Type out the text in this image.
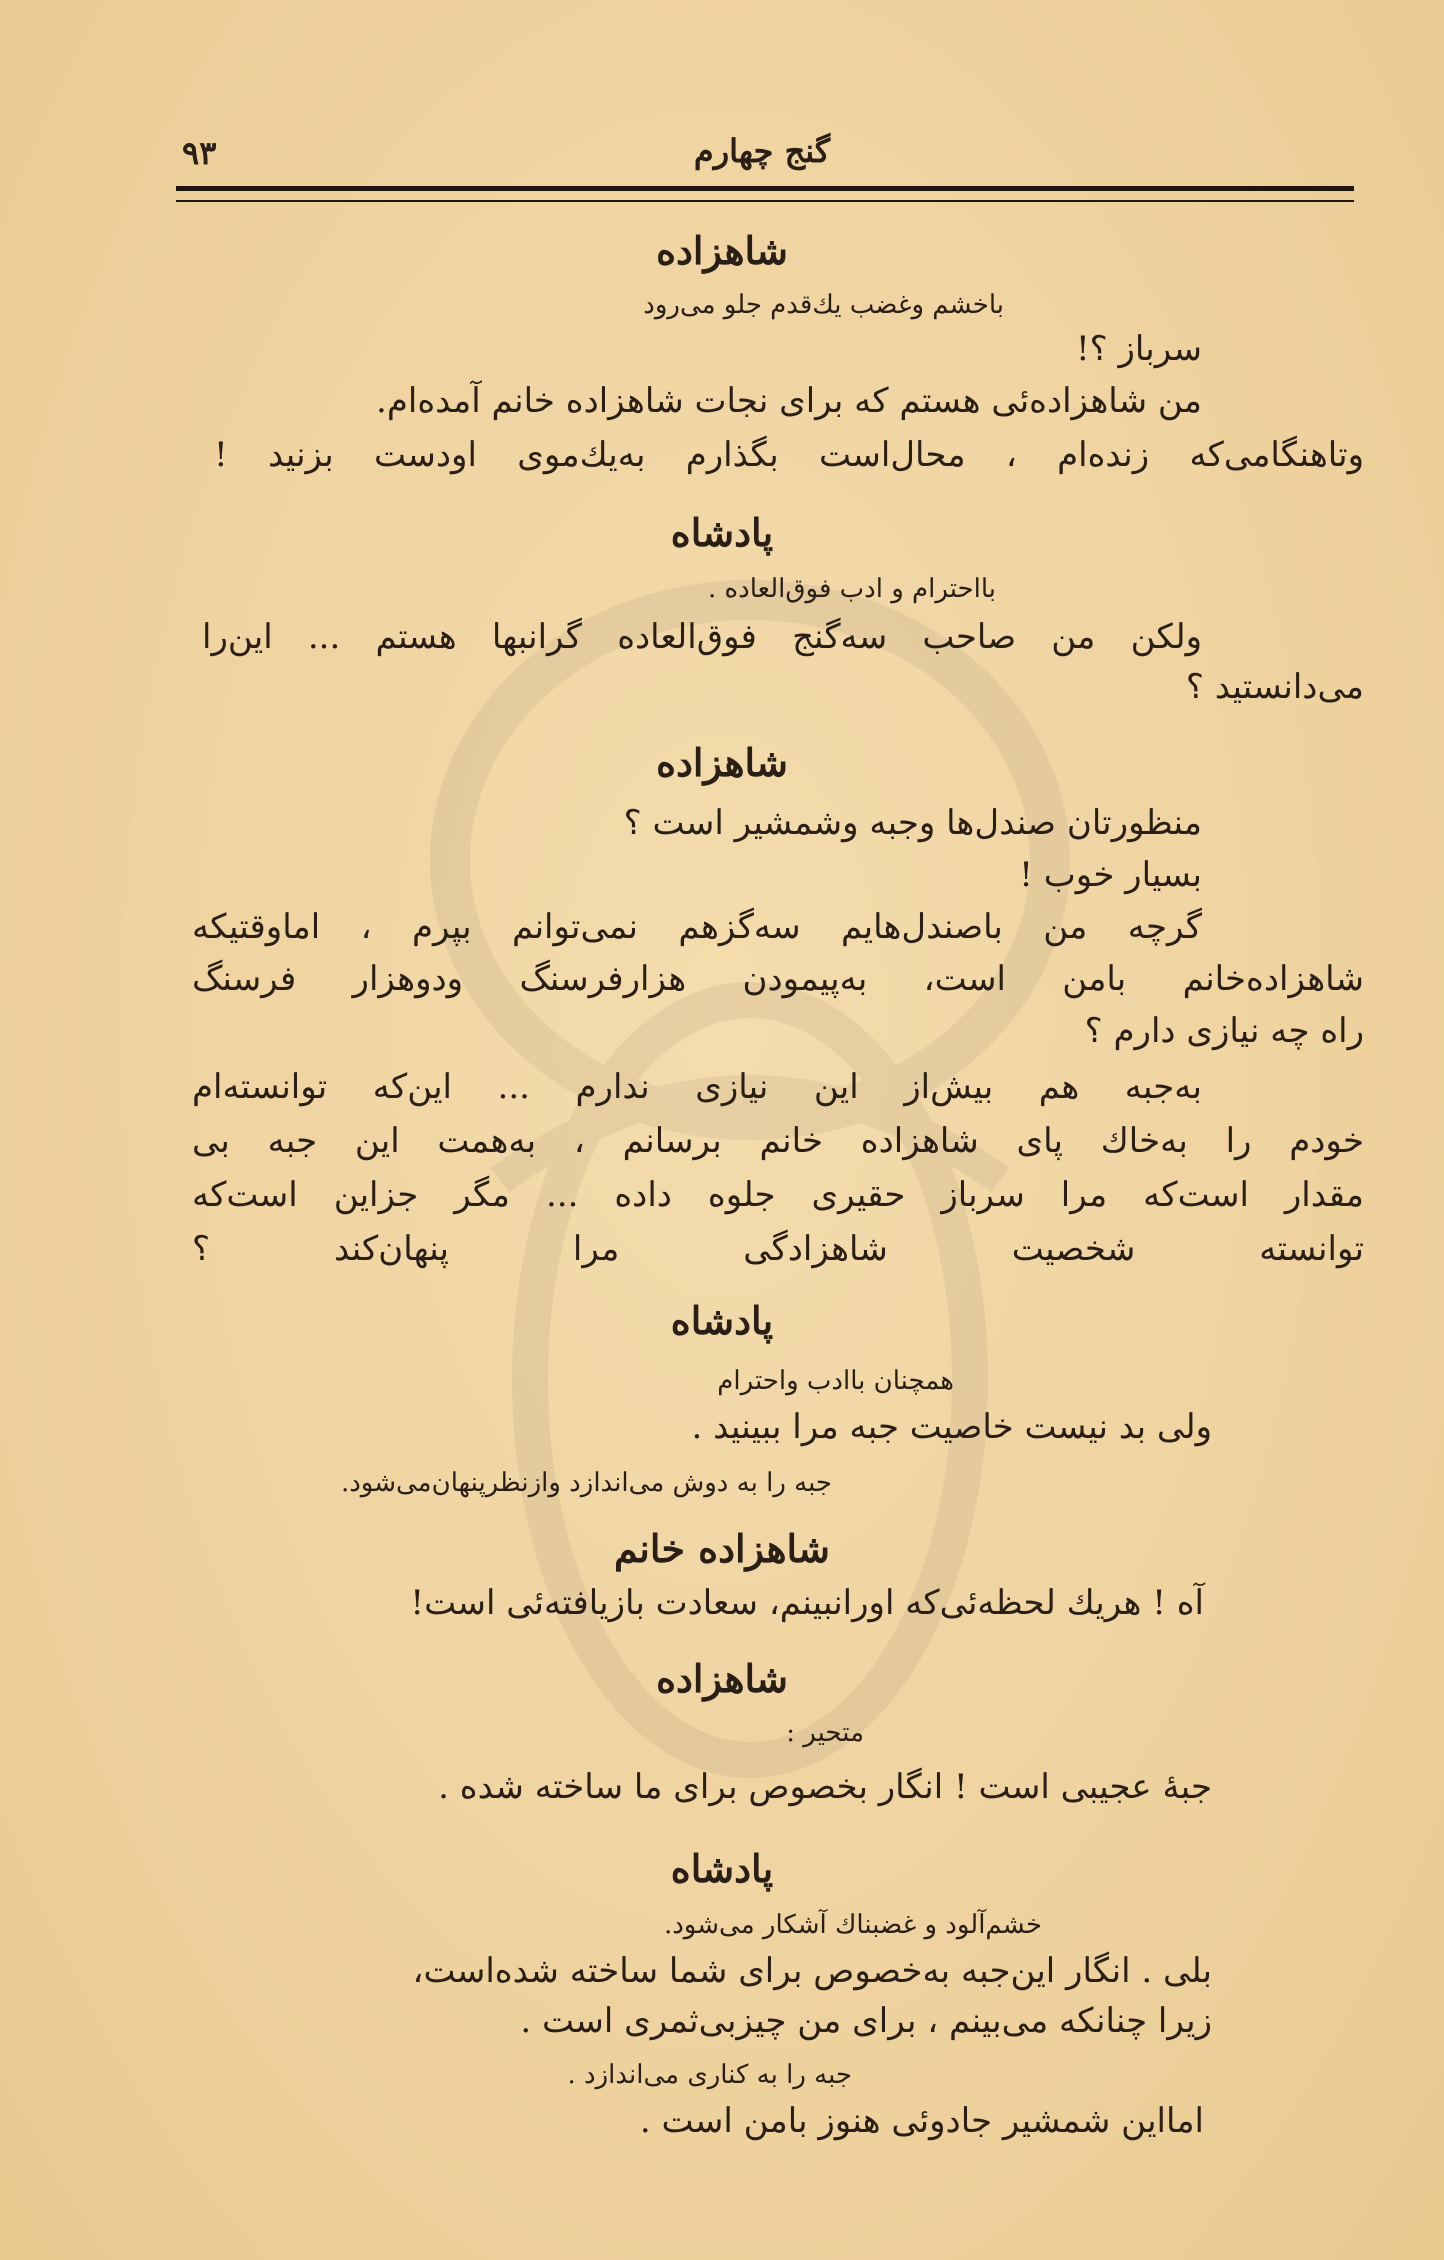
۹۳	گنج چهارم
شاهزاده
باخشم وغضب یك‌قدم جلو می‌رود
سرباز ؟!
من شاهزاده‌ئی هستم که برای نجات شاهزاده خانم آمده‌ام.
وتاهنگامی‌که زنده‌ام ، محال‌است بگذارم به‌یك‌موی اودست بزنید !
پادشاه
بااحترام و ادب فوق‌العاده .
ولکن من صاحب سه‌گنج فوق‌العاده گرانبها هستم ... این‌را
می‌دانستید ؟
شاهزاده
منظورتان صندل‌ها وجبه وشمشیر است ؟
بسیار خوب !
گرچه من باصندل‌هایم سه‌گزهم نمی‌توانم بپرم ، اماوقتیکه
شاهزاده‌خانم بامن است، به‌پیمودن هزارفرسنگ ودوهزار فرسنگ
راه چه نیازی دارم ؟
به‌جبه هم بیش‌از این نیازی ندارم ... این‌که توانسته‌ام
خودم را به‌خاك پای شاهزاده خانم برسانم ، به‌همت این جبه بی
مقدار است‌که مرا سرباز حقیری جلوه داده ... مگر جزاین است‌که
توانسته شخصیت شاهزادگی مرا پنهان‌کند ؟
پادشاه
همچنان باادب واحترام
ولی بد نیست خاصیت جبه مرا ببینید .
جبه را به دوش می‌اندازد وازنظرپنهان‌می‌شود.
شاهزاده خانم
آه ! هریك لحظه‌ئی‌که اورانبینم، سعادت بازیافته‌ئی است!
شاهزاده
متحیر :
جبهٔ عجیبی است ! انگار بخصوص برای ما ساخته شده .
پادشاه
خشم‌آلود و غضبناك آشکار می‌شود.
بلی . انگار این‌جبه به‌خصوص برای شما ساخته شده‌است،
زیرا چنانکه می‌بینم ، برای من چیزبی‌ثمری است .
جبه را به کناری می‌اندازد .
امااین شمشیر جادوئی هنوز بامن است .
